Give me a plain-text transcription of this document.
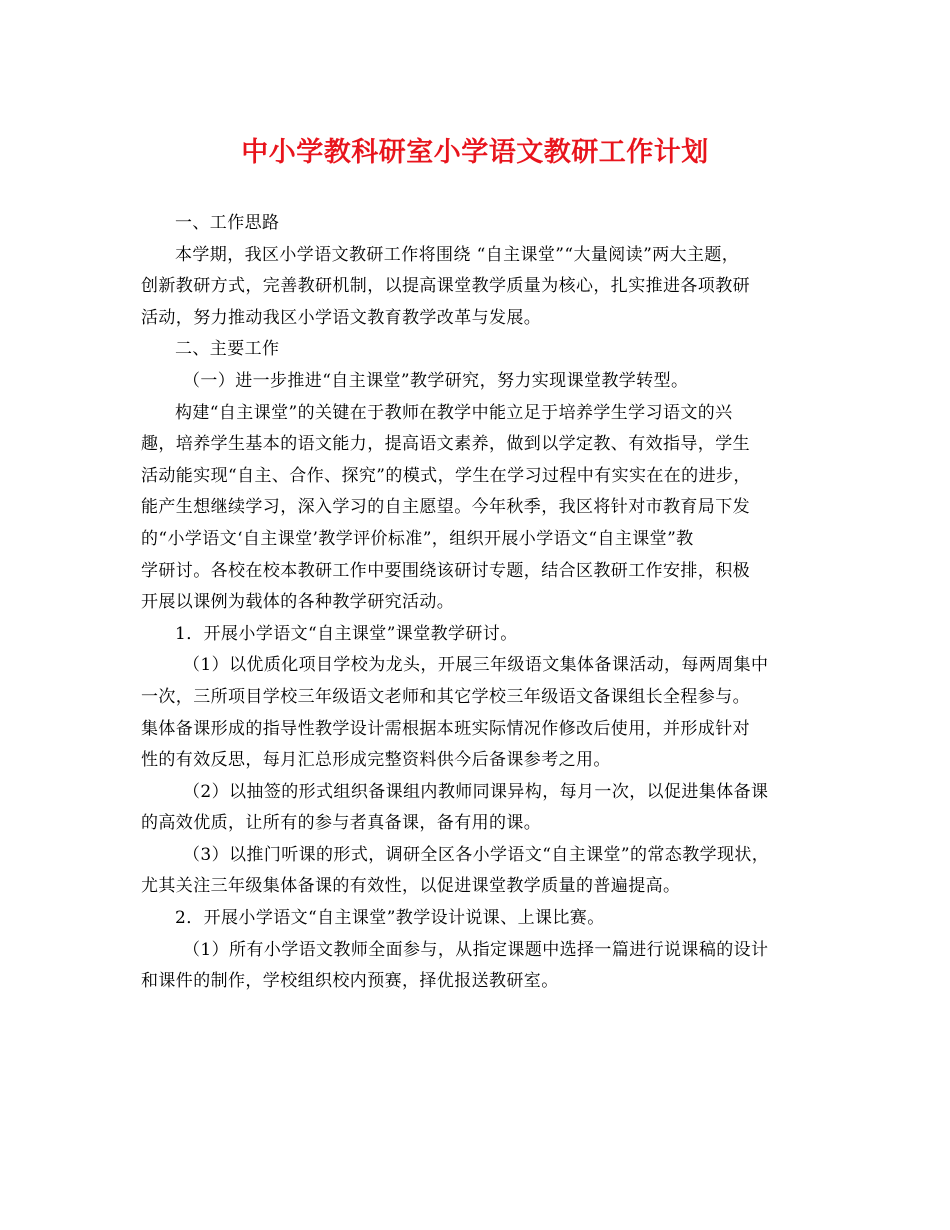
中小学教科研室小学语文教研工作计划
一、工作思路
本学期，我区小学语文教研工作将围绕 “自主课堂”“大量阅读”两大主题，
创新教研方式，完善教研机制，以提高课堂教学质量为核心，扎实推进各项教研
活动，努力推动我区小学语文教育教学改革与发展。
二、主要工作
（一）进一步推进“自主课堂”教学研究，努力实现课堂教学转型。
构建“自主课堂”的关键在于教师在教学中能立足于培养学生学习语文的兴
趣，培养学生基本的语文能力，提高语文素养，做到以学定教、有效指导，学生
活动能实现“自主、合作、探究”的模式，学生在学习过程中有实实在在的进步，
能产生想继续学习，深入学习的自主愿望。今年秋季，我区将针对市教育局下发
的“小学语文‘自主课堂’教学评价标准”，组织开展小学语文“自主课堂”教
学研讨。各校在校本教研工作中要围绕该研讨专题，结合区教研工作安排，积极
开展以课例为载体的各种教学研究活动。
1．开展小学语文“自主课堂”课堂教学研讨。
（1）以优质化项目学校为龙头，开展三年级语文集体备课活动，每两周集中
一次，三所项目学校三年级语文老师和其它学校三年级语文备课组长全程参与。
集体备课形成的指导性教学设计需根据本班实际情况作修改后使用，并形成针对
性的有效反思，每月汇总形成完整资料供今后备课参考之用。
（2）以抽签的形式组织备课组内教师同课异构，每月一次，以促进集体备课
的高效优质，让所有的参与者真备课，备有用的课。
（3）以推门听课的形式，调研全区各小学语文“自主课堂”的常态教学现状，
尤其关注三年级集体备课的有效性，以促进课堂教学质量的普遍提高。
2．开展小学语文“自主课堂”教学设计说课、上课比赛。
（1）所有小学语文教师全面参与，从指定课题中选择一篇进行说课稿的设计
和课件的制作，学校组织校内预赛，择优报送教研室。
